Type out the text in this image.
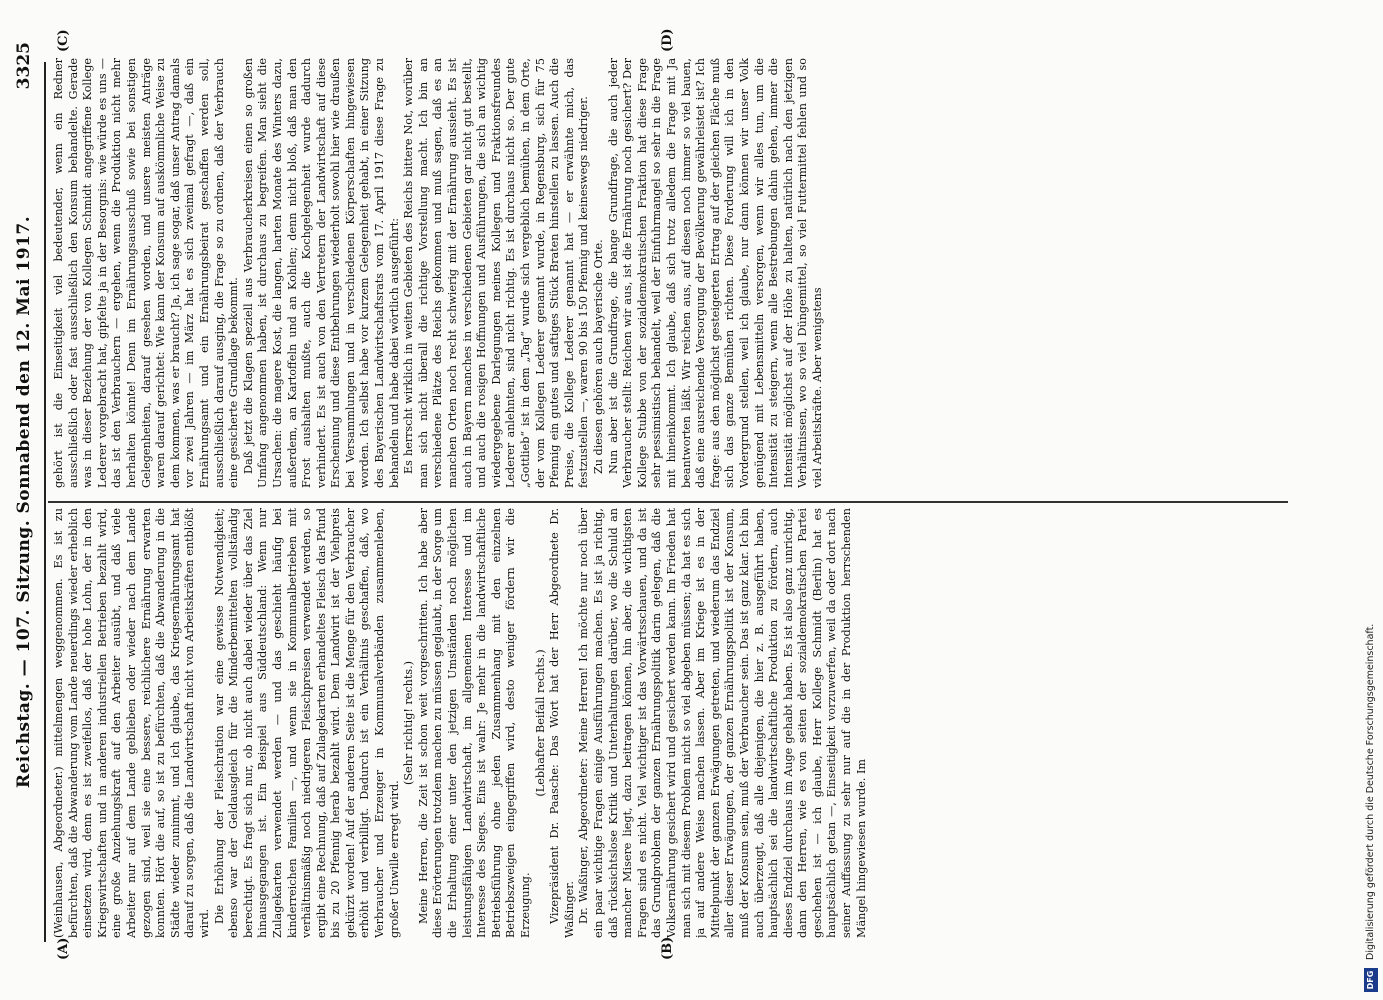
Reichstag. — 107. Sitzung. Sonnabend den 12. Mai 1917.
3325
(A)	(B)
(C)	(D)

(Weinhausen, Abgeordneter.) mittelmengen weggenommen. Es ist zu befürchten, daß die Abwanderung vom Lande neuerdings wieder erheblich einsetzen wird, denn es ist zweifellos, daß der hohe Lohn, der in den Kriegswirtschaften und in anderen industriellen Betrieben bezahlt wird, eine große Anziehungskraft auf den Arbeiter ausübt, und daß viele Arbeiter nur auf dem Lande geblieben oder wieder nach dem Lande gezogen sind, weil sie eine bessere, reichlichere Ernährung erwarten konnten. Hört die auf, so ist zu befürchten, daß die Abwanderung in die Städte wieder zunimmt, und ich glaube, das Kriegsernährungsamt hat darauf zu sorgen, daß die Landwirtschaft nicht von Arbeitskräften entblößt wird. Die Erhöhung der Fleischration war eine gewisse Notwendigkeit; ebenso war der Geldausgleich für die Minderbemittelten vollständig berechtigt. Es fragt sich nur, ob nicht auch dabei wieder über das Ziel hinausgegangen ist. Ein Beispiel aus Süddeutschland: Wenn nur Zulagekarten verwendet werden — und das geschieht häufig bei kinderreichen Familien —, und wenn sie in Kommunalbetrieben mit verhältnismäßig noch niedrigeren Fleischpreisen verwendet werden, so ergibt eine Rechnung, daß auf Zulagekarten erhandeltes Fleisch das Pfund bis zu 20 Pfennig herab bezahlt wird. Dem Landwirt ist der Viehpreis gekürzt worden! Auf der anderen Seite ist die Menge für den Verbraucher erhöht und verbilligt. Dadurch ist ein Verhältnis geschaffen, daß, wo Verbraucher und Erzeuger in Kommunalverbänden zusammenleben, großer Unwille erregt wird.

(Sehr richtig! rechts.) Meine Herren, die Zeit ist schon weit vorgeschritten. Ich habe aber diese Erörterungen trotzdem machen zu müssen geglaubt, in der Sorge um die Erhaltung einer unter den jetzigen Umständen noch möglichen leistungsfähigen Landwirtschaft, im allgemeinen Interesse und im Interesse des Sieges. Eins ist wahr: Je mehr in die landwirtschaftliche Betriebsführung ohne jeden Zusammenhang mit den einzelnen Betriebszweigen eingegriffen wird, desto weniger fördern wir die Erzeugung.

(Lebhafter Beifall rechts.) Vizepräsident Dr. Paasche: Das Wort hat der Herr Abgeordnete Dr. Waßinger. Dr. Waßinger, Abgeordneter: Meine Herren! Ich möchte nur noch über ein paar wichtige Fragen einige Ausführungen machen. Es ist ja richtig, daß rücksichtslose Kritik und Unterhaltungen darüber, wo die Schuld an mancher Misere liegt, dazu beitragen können, hin aber, die wichtigsten Fragen sind es nicht. Viel wichtiger ist das Vorwärtsschauen, und da ist das Grundproblem der ganzen Ernährungspolitik darin gelegen, daß die Volksernährung gesichert wird und gesichert werden kann. Im Frieden hat man sich mit diesem Problem nicht so viel abgeben müssen; da hat es sich ja auf andere Weise machen lassen. Aber im Kriege ist es in der Mittelpunkt der ganzen Erwägungen getreten, und wiederum das Endziel aller dieser Erwägungen, der ganzen Ernährungspolitik ist der Konsum, muß der Konsum sein, muß der Verbraucher sein. Das ist ganz klar. Ich bin auch überzeugt, daß alle diejenigen, die hier z. B. ausgeführt haben, hauptsächlich sei die landwirtschaftliche Produktion zu fördern, auch dieses Endziel durchaus im Auge gehabt haben. Es ist also ganz unrichtig, dann den Herren, wie es von seiten der sozialdemokratischen Partei geschehen ist — ich glaube, Herr Kollege Schmidt (Berlin) hat es hauptsächlich getan —, Einseitigkeit vorzuwerfen, weil da oder dort nach seiner Auffassung zu sehr nur auf die in der Produktion herrschenden Mängel hingewiesen wurde. Im

gehört ist die Einseitigkeit viel bedeutender, wenn ein Redner ausschließlich oder fast ausschließlich den Konsum behandelte. Gerade was in dieser Beziehung der von Kollegen Schmidt angegriffene Kollege Lederer vorgebracht hat, gipfelte ja in der Besorgnis: wie würde es uns — das ist den Verbrauchern — ergehen, wenn die Produktion nicht mehr herhalten könnte! Denn im Ernährungsausschuß sowie bei sonstigen Gelegenheiten, darauf gesehen worden, und unsere meisten Anträge waren darauf gerichtet: Wie kann der Konsum auf auskömmliche Weise zu dem kommen, was er braucht? Ja, ich sage sogar, daß unser Antrag damals vor zwei Jahren — im März hat es sich zweimal gefragt —, daß ein Ernährungsamt und ein Ernährungsbeirat geschaffen werden soll, ausschließlich darauf ausging, die Frage so zu ordnen, daß der Verbrauch eine gesicherte Grundlage bekommt. Daß jetzt die Klagen speziell aus Verbraucherkreisen einen so großen Umfang angenommen haben, ist durchaus zu begreifen. Man sieht die Ursachen: die magere Kost, die langen, harten Monate des Winters dazu, außerdem, an Kartoffeln und an Kohlen; denn nicht bloß, daß man den Frost aushalten mußte, auch die Kochgelegenheit wurde dadurch verhindert. Es ist auch von den Vertretern der Landwirtschaft auf diese Erscheinung und diese Entbehrungen wiederholt sowohl hier wie draußen bei Versammlungen und in verschiedenen Körperschaften hingewiesen worden. Ich selbst habe vor kurzem Gelegenheit gehabt, in einer Sitzung des Bayerischen Landwirtschaftsrats vom 17. April 1917 diese Frage zu behandeln und habe dabei wörtlich ausgeführt: Es herrscht wirklich in weiten Gebieten des Reichs bittere Not, worüber man sich nicht überall die richtige Vorstellung macht. Ich bin an verschiedene Plätze des Reichs gekommen und muß sagen, daß es an manchen Orten noch recht schwierig mit der Ernährung aussieht. Es ist auch in Bayern manches in verschiedenen Gebieten gar nicht gut bestellt, und auch die rosigen Hoffnungen und Ausführungen, die sich an wichtig wiedergegebene Darlegungen meines Kollegen und Fraktionsfreundes Lederer anlehnten, sind nicht richtig. Es ist durchaus nicht so. Der gute „Gottlieb“ ist in dem „Tag“ wurde sich vergeblich bemühen, in dem Orte, der vom Kollegen Lederer genannt wurde, in Regensburg, sich für 75 Pfennig ein gutes und saftiges Stück Braten hinstellen zu lassen. Auch die Preise, die Kollege Lederer genannt hat — er erwähnte mich, das festzustellen —, waren 90 bis 150 Pfennig und keineswegs niedriger. Zu diesen gehören auch bayerische Orte. Nun aber ist die Grundfrage, die bange Grundfrage, die auch jeder Verbraucher stellt: Reichen wir aus, ist die Ernährung noch gesichert? Der Kollege Stubbe von der sozialdemokratischen Fraktion hat diese Frage sehr pessimistisch behandelt, weil der Einfuhrmangel so sehr in die Frage mit hineinkommt. Ich glaube, daß sich trotz alledem die Frage mit Ja beantworten läßt. Wir reichen aus, auf diesen noch immer so viel bauen, daß eine ausreichende Versorgung der Bevölkerung gewährleistet ist? Ich frage: aus den möglichst gesteigerten Ertrag auf der gleichen Fläche muß sich das ganze Bemühen richten. Diese Forderung will ich in den Vordergrund stellen, weil ich glaube, nur dann können wir unser Volk genügend mit Lebensmitteln versorgen, wenn wir alles tun, um die Intensität zu steigern, wenn alle Bestrebungen dahin gehen, immer die Intensität möglichst auf der Höhe zu halten, natürlich nach den jetzigen Verhältnissen, wo so viel Düngemittel, so viel Futtermittel fehlen und so viel Arbeitskräfte. Aber wenigstens

DFG
Digitalisierung gefördert durch die Deutsche Forschungsgemeinschaft.
